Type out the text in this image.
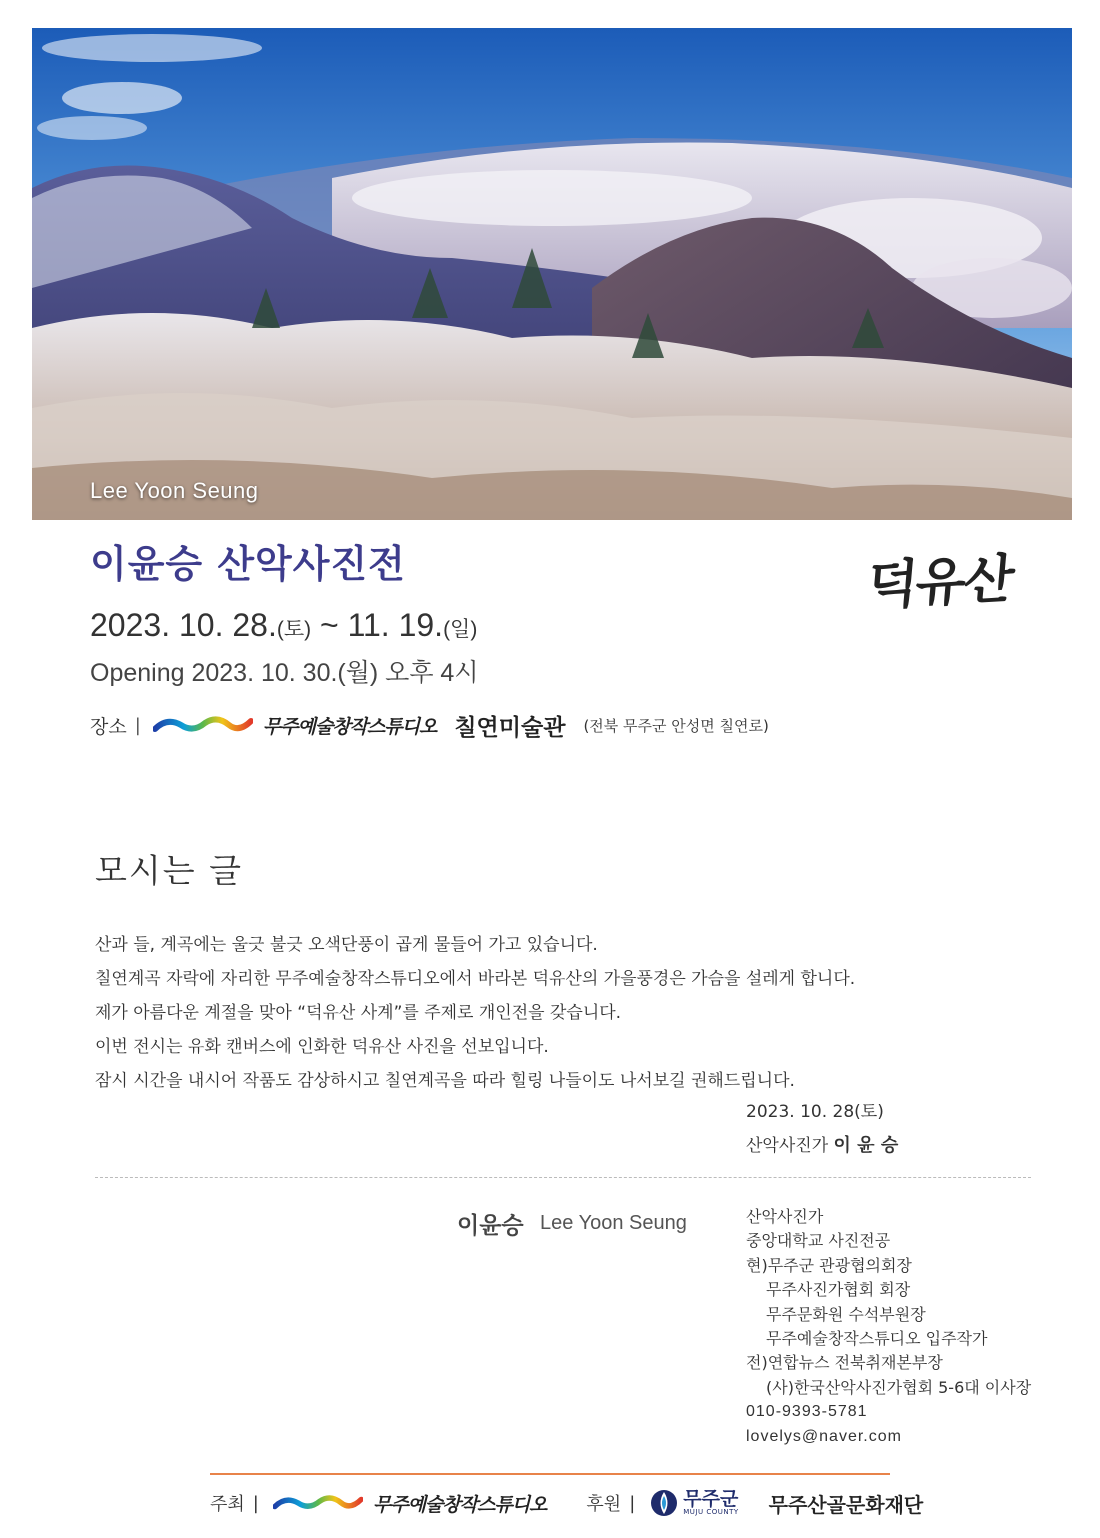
Lee Yoon Seung
이윤승 산악사진전	덕유산
2023. 10. 28.(토) ~ 11. 19.(일)
Opening 2023. 10. 30.(월) 오후 4시
장소 |	무주예술창작스튜디오 칠연미술관 (전북 무주군 안성면 칠연로)
모시는 글

산과 들, 계곡에는 울긋 불긋 오색단풍이 곱게 물들어 가고 있습니다.

칠연계곡 자락에 자리한 무주예술창작스튜디오에서 바라본 덕유산의 가을풍경은 가슴을 설레게 합니다.

제가 아름다운 계절을 맞아 “덕유산 사계”를 주제로 개인전을 갖습니다.

이번 전시는 유화 캔버스에 인화한 덕유산 사진을 선보입니다.

잠시 시간을 내시어 작품도 감상하시고 칠연계곡을 따라 힐링 나들이도 나서보길 권해드립니다.

2023. 10. 28(토)
산악사진가 이 윤 승
이윤승 Lee Yoon Seung	산악사진가
중앙대학교 사진전공
현)무주군 관광협의회장
무주사진가협회 회장
무주문화원 수석부원장
무주예술창작스튜디오 입주작가
전)연합뉴스 전북취재본부장
(사)한국산악사진가협회 5-6대 이사장
010-9393-5781
lovelys@naver.com
주최 |	무주예술창작스튜디오 후원 |	무주군
MUJU COUNTY 무주산골문화재단
